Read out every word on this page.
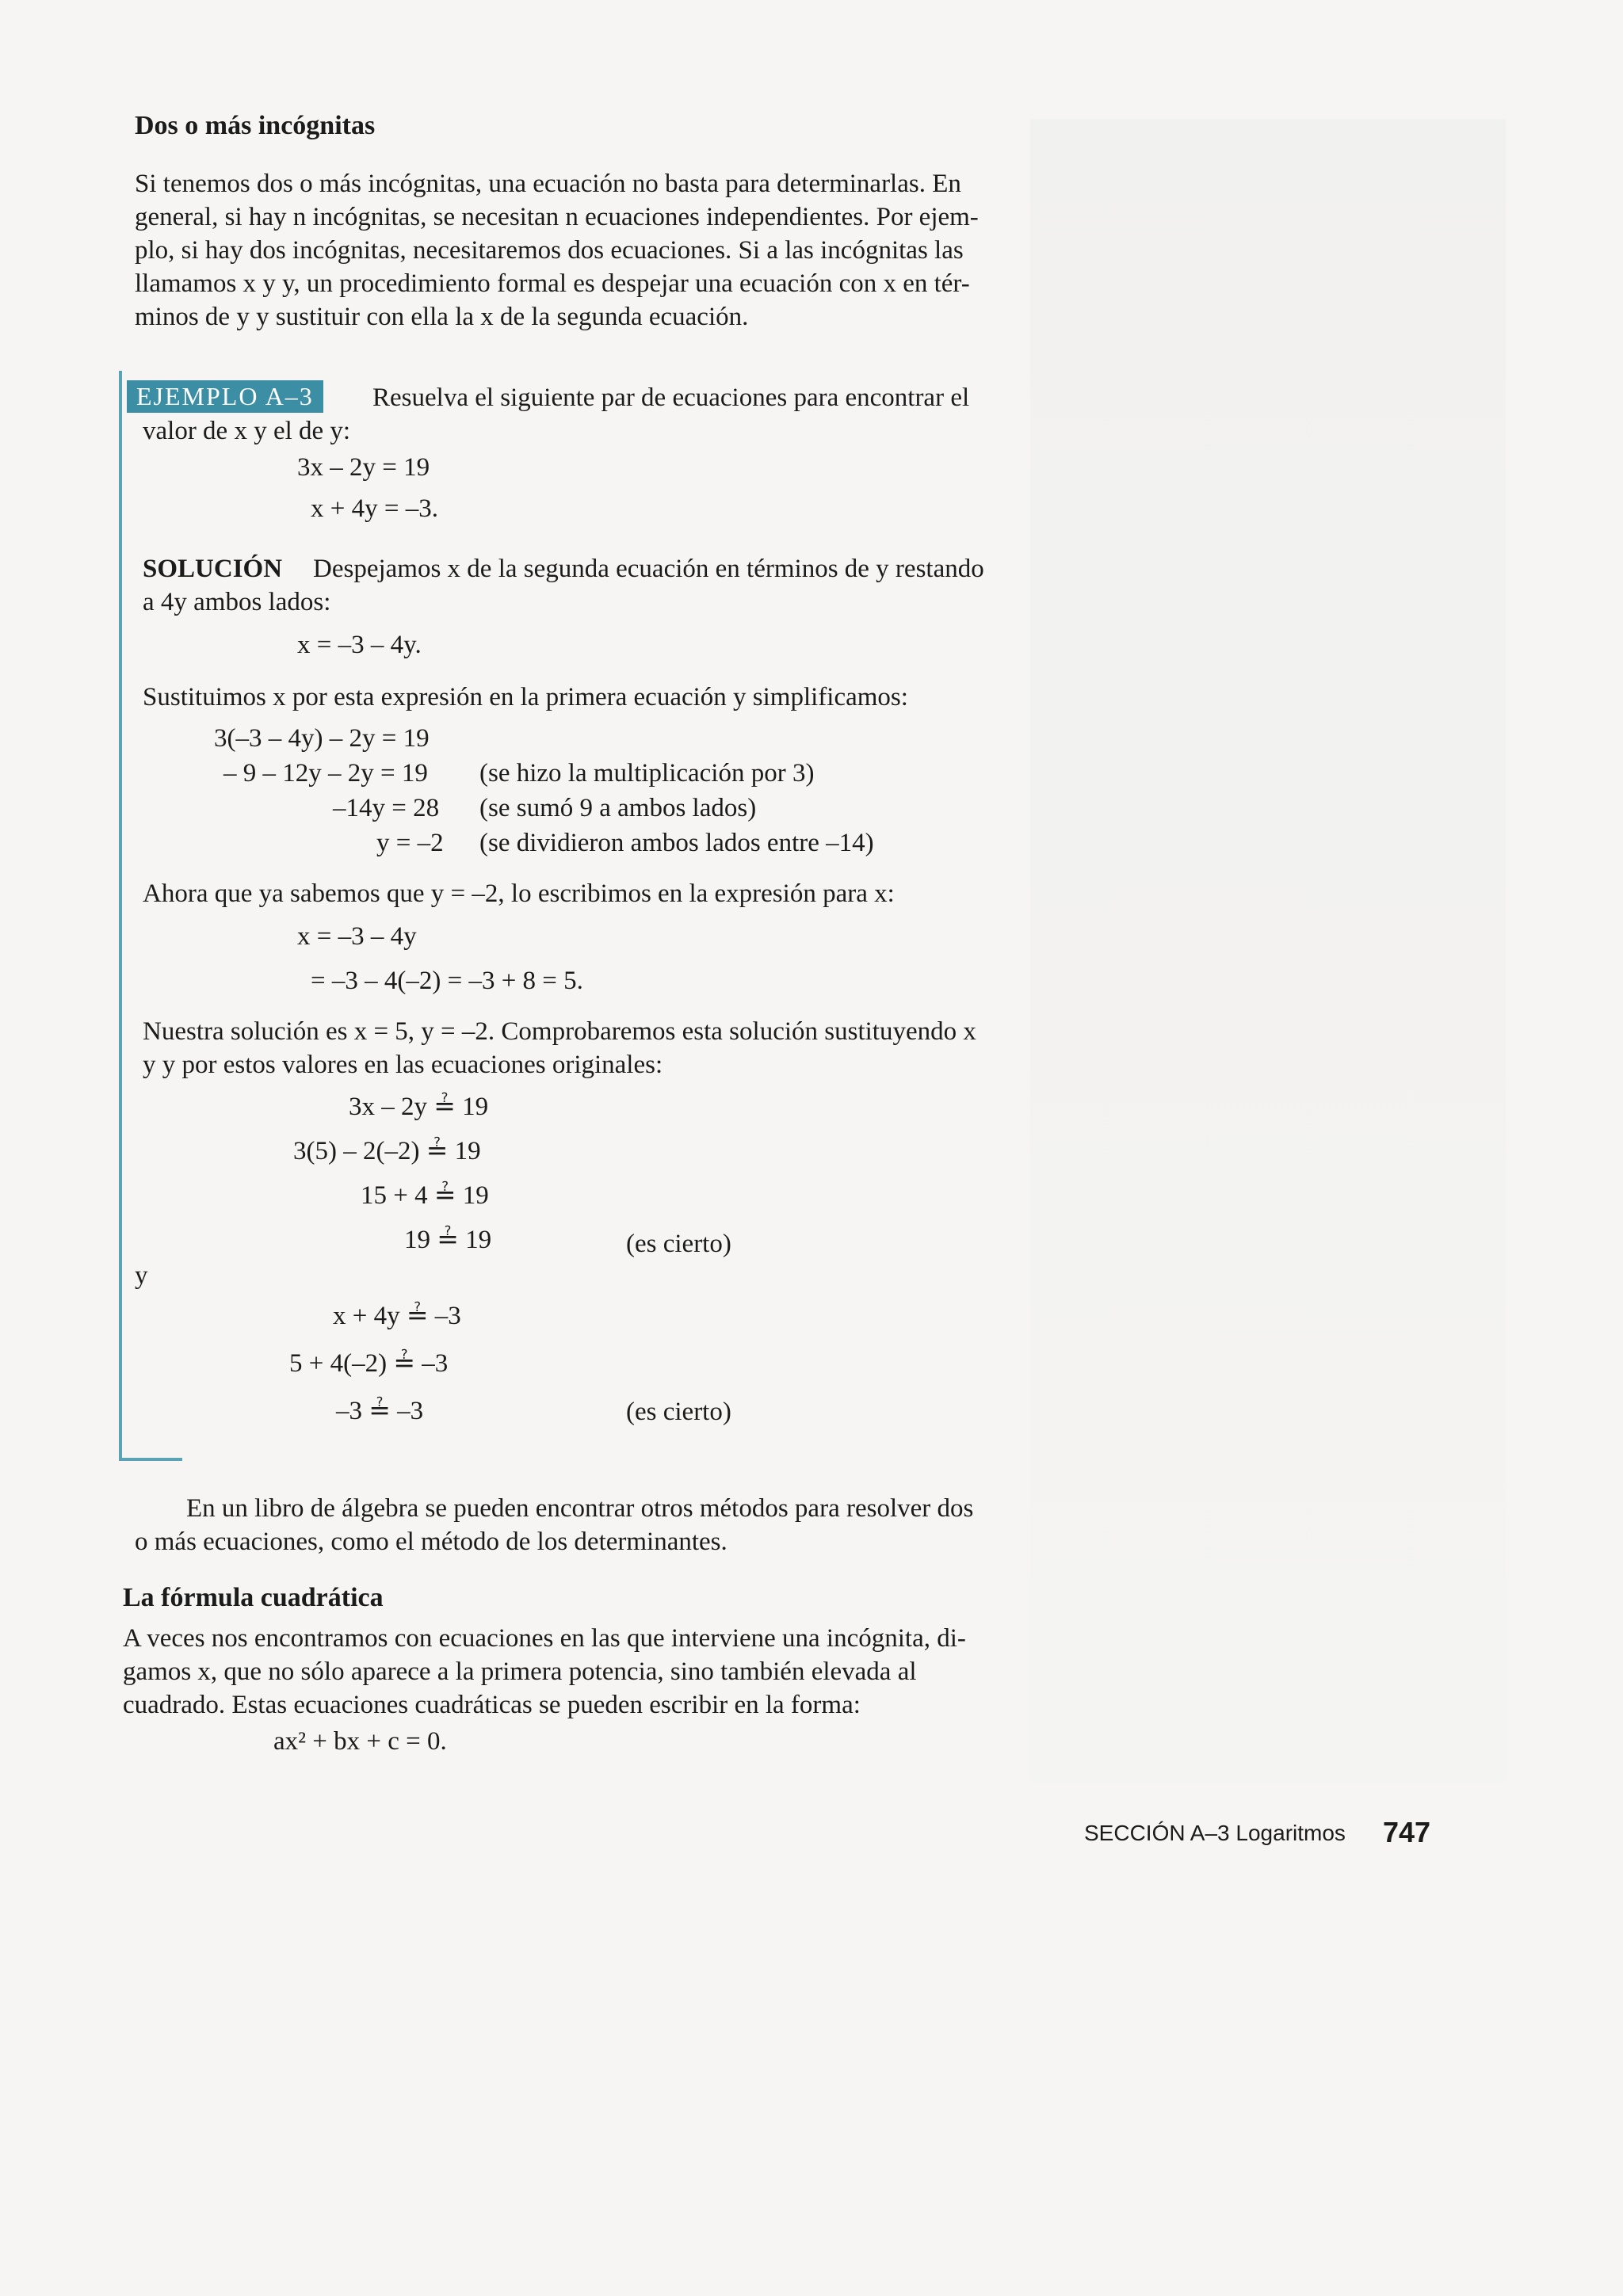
Dos o más incógnitas
Si tenemos dos o más incógnitas, una ecuación no basta para determinarlas. En
general, si hay n incógnitas, se necesitan n ecuaciones independientes. Por ejem-
plo, si hay dos incógnitas, necesitaremos dos ecuaciones. Si a las incógnitas las
llamamos x y y, un procedimiento formal es despejar una ecuación con x en tér-
minos de y y sustituir con ella la x de la segunda ecuación.
EJEMPLO A–3	Resuelva el siguiente par de ecuaciones para encontrar el
valor de x y el de y:
3x – 2y = 19
x + 4y = –3.
SOLUCIÓN Despejamos x de la segunda ecuación en términos de y restando
a 4y ambos lados:
x = –3 – 4y.
Sustituimos x por esta expresión en la primera ecuación y simplificamos:
3(–3 – 4y) – 2y = 19
– 9 – 12y – 2y = 19 (se hizo la multiplicación por 3)
–14y = 28 (se sumó 9 a ambos lados)
y = –2 (se dividieron ambos lados entre –14)
Ahora que ya sabemos que y = –2, lo escribimos en la expresión para x:
x = –3 – 4y
= –3 – 4(–2) = –3 + 8 = 5.
Nuestra solución es x = 5, y = –2. Comprobaremos esta solución sustituyendo x
y y por estos valores en las ecuaciones originales:
3x – 2y ≟ 19
3(5) – 2(–2) ≟ 19
15 + 4 ≟ 19
19 ≟ 19	(es cierto)
y
x + 4y ≟ –3
5 + 4(–2) ≟ –3
–3 ≟ –3	(es cierto)
En un libro de álgebra se pueden encontrar otros métodos para resolver dos
o más ecuaciones, como el método de los determinantes.
La fórmula cuadrática
A veces nos encontramos con ecuaciones en las que interviene una incógnita, di-
gamos x, que no sólo aparece a la primera potencia, sino también elevada al
cuadrado. Estas ecuaciones cuadráticas se pueden escribir en la forma:
ax² + bx + c = 0.
SECCIÓN A–3 Logaritmos 747
